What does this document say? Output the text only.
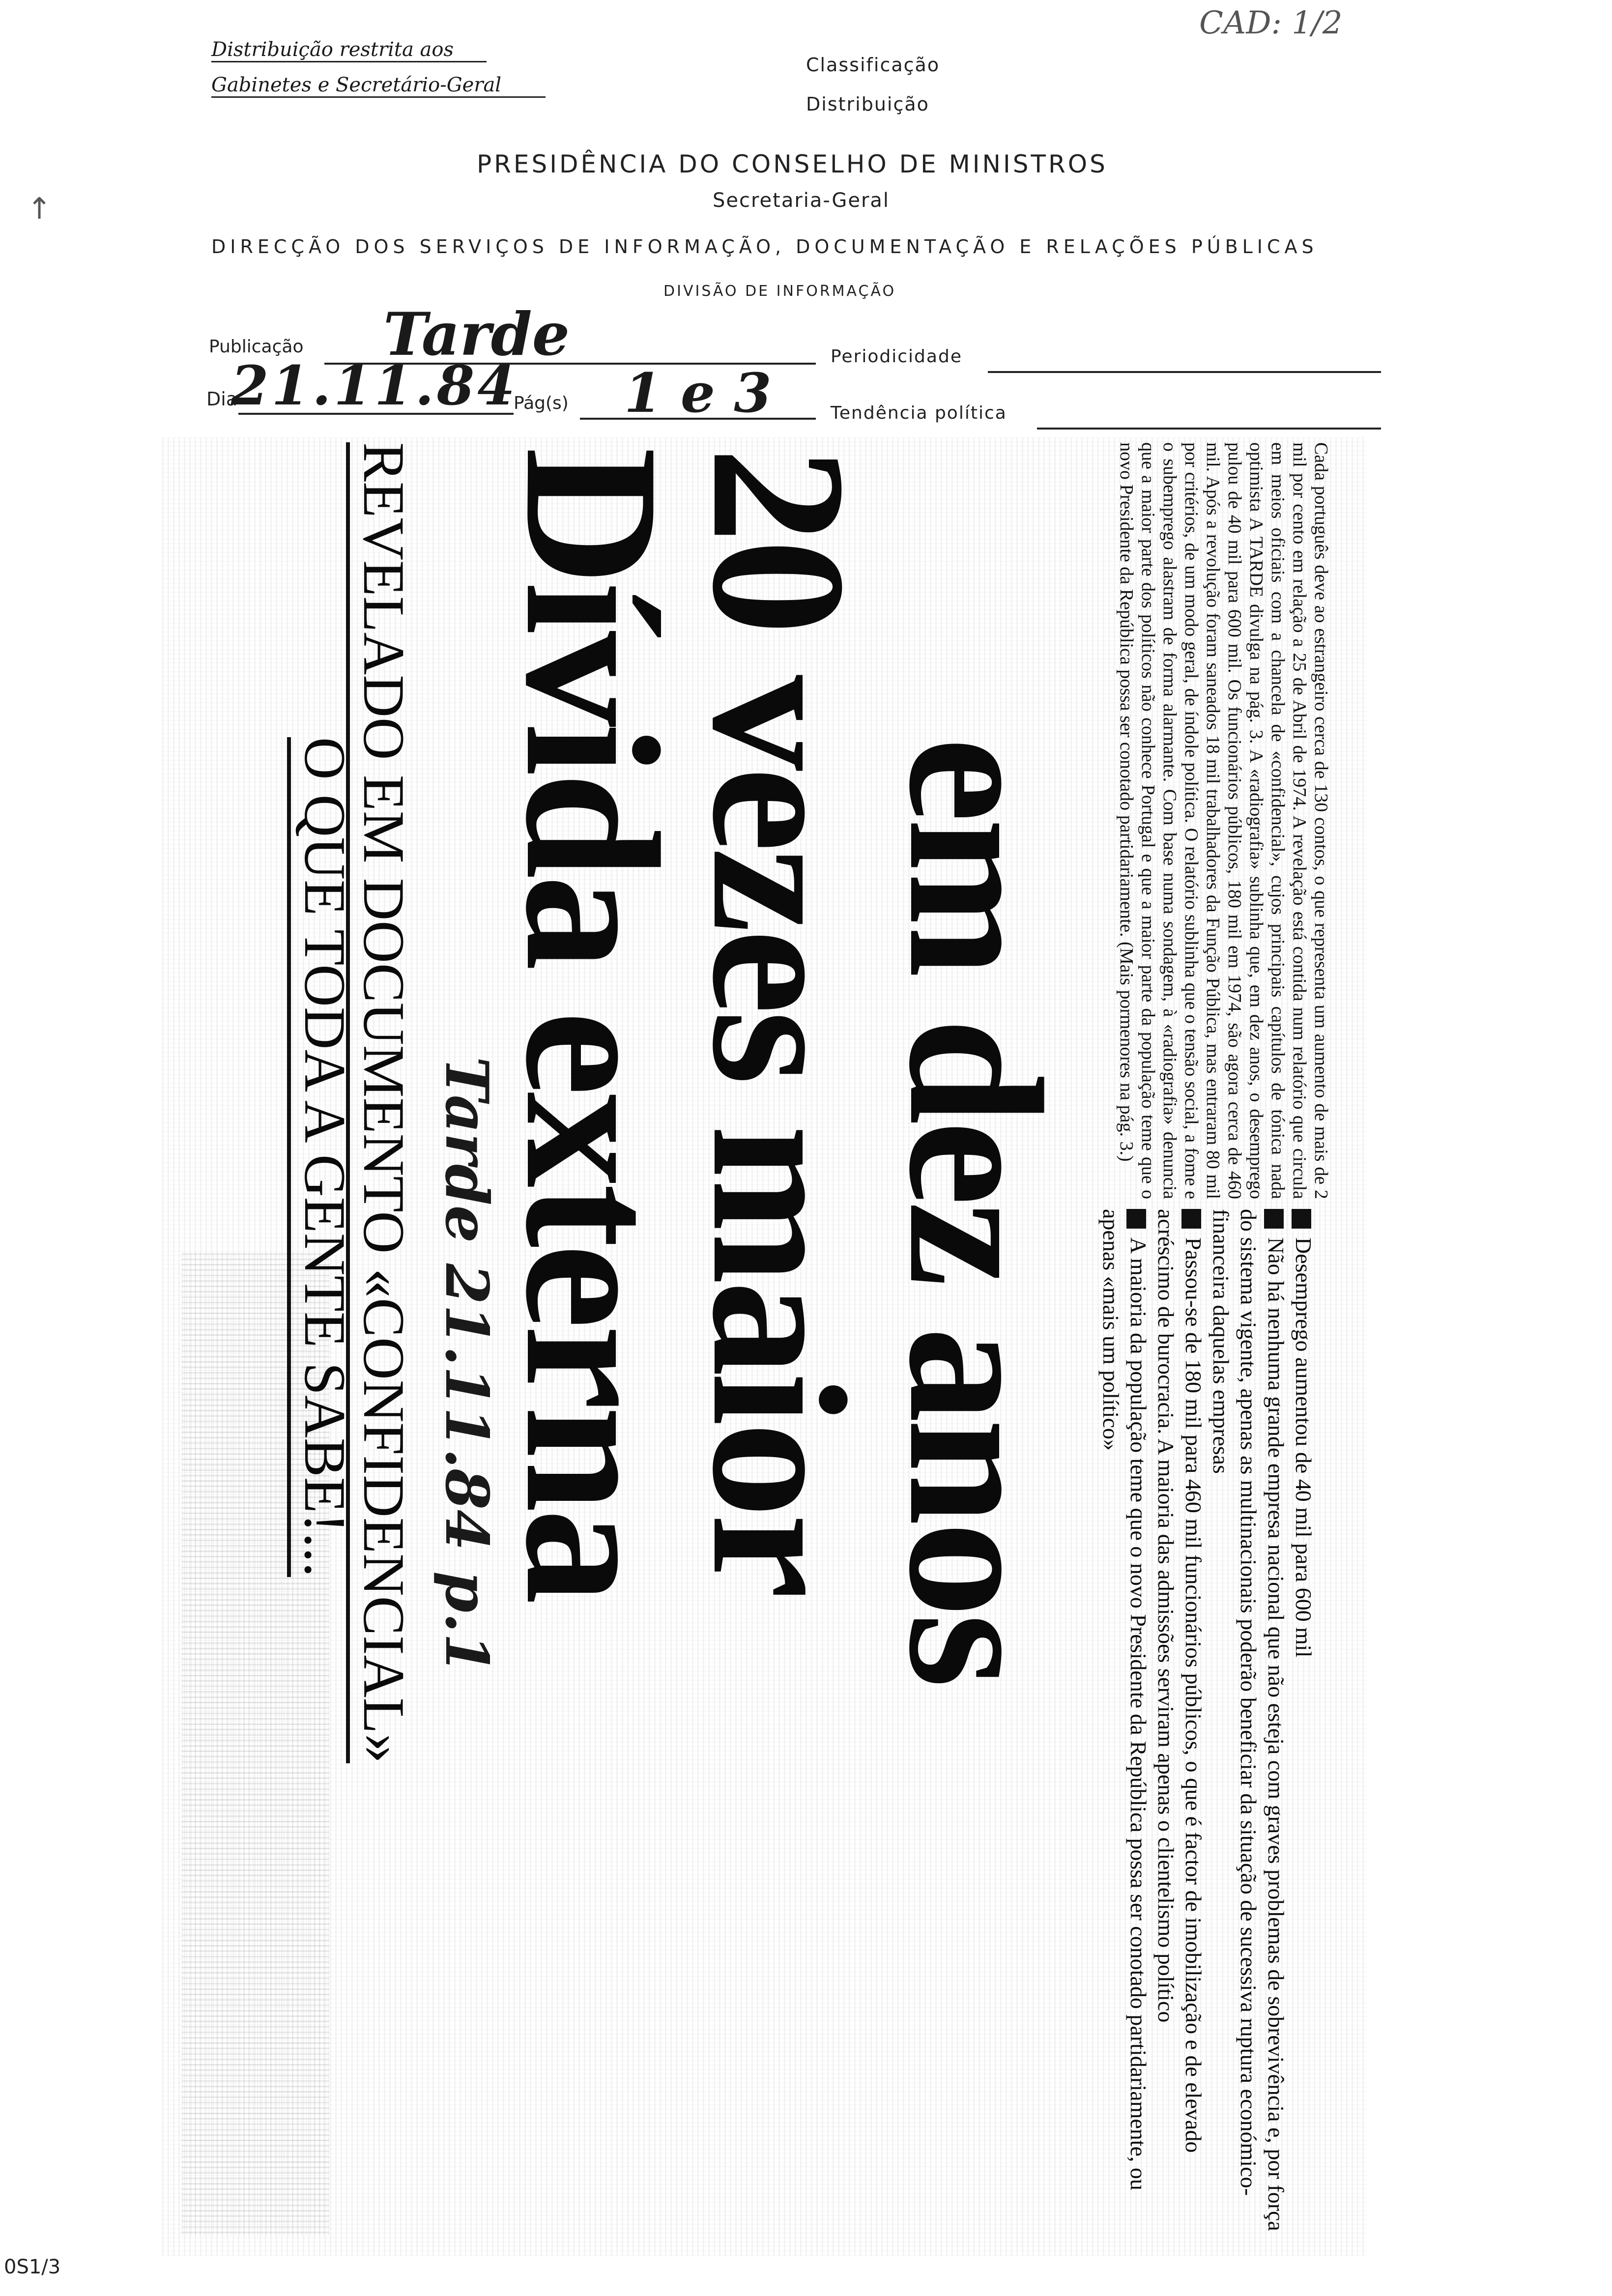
Distribuição restrita aos
Gabinetes e Secretário-Geral
Classificação
Distribuição
PRESIDÊNCIA DO CONSELHO DE MINISTROS
Secretaria-Geral
DIRECÇÃO DOS SERVIÇOS DE INFORMAÇÃO, DOCUMENTAÇÃO E RELAÇÕES PÚBLICAS
DIVISÃO DE INFORMAÇÃO
Publicação Tarde	Periodicidade
Dia
21.11.84
Pág(s) 1 e 3	Tendência política
CAD: 1/2
↑
0S1/3
O QUE TODA A GENTE SABE!...
REVELADO EM DOCUMENTO «CONFIDENCIAL» Tarde 21.11.84 p.1
Dívida externa
20 vezes maior
em dez anos	Desemprego aumentou de 40 mil para 600 mil
Não há nenhuma grande empresa nacional que não esteja com graves problemas de sobrevivência e, por força do sistema vigente, apenas as multinacionais poderão beneficiar da situação de sucessiva ruptura económico-financeira daquelas empresas
Passou-se de 180 mil para 460 mil funcionários públicos, o que é factor de imobilização e de elevado acréscimo de burocracia. A maioria das admissões serviram apenas o clientelismo político
A maioria da população teme que o novo Presidente da República possa ser conotado partidariamente, ou apenas «mais um político»
Cada português deve ao estrangeiro cerca de 130 contos, o que representa um aumento de mais de 2 mil por cento em relação a 25 de Abril de 1974. A revelação está contida num relatório que circula em meios oficiais com a chancela de «confidencial», cujos principais capítulos de tónica nada optimista A TARDE divulga na pág. 3. A «radiografia» sublinha que, em dez anos, o desemprego pulou de 40 mil para 600 mil. Os funcionários públicos, 180 mil em 1974, são agora cerca de 460 mil. Após a revolução foram saneados 18 mil trabalhadores da Função Pública, mas entraram 80 mil por critérios, de um modo geral, de índole política. O relatório sublinha que o tensão social, a fome e o subemprego alastram de forma alarmante. Com base numa sondagem, à «radiografia» denuncia que a maior parte dos políticos não conhece Portugal e que a maior parte da população teme que o novo Presidente da República possa ser conotado partidariamente. (Mais pormenores na pág. 3.)
